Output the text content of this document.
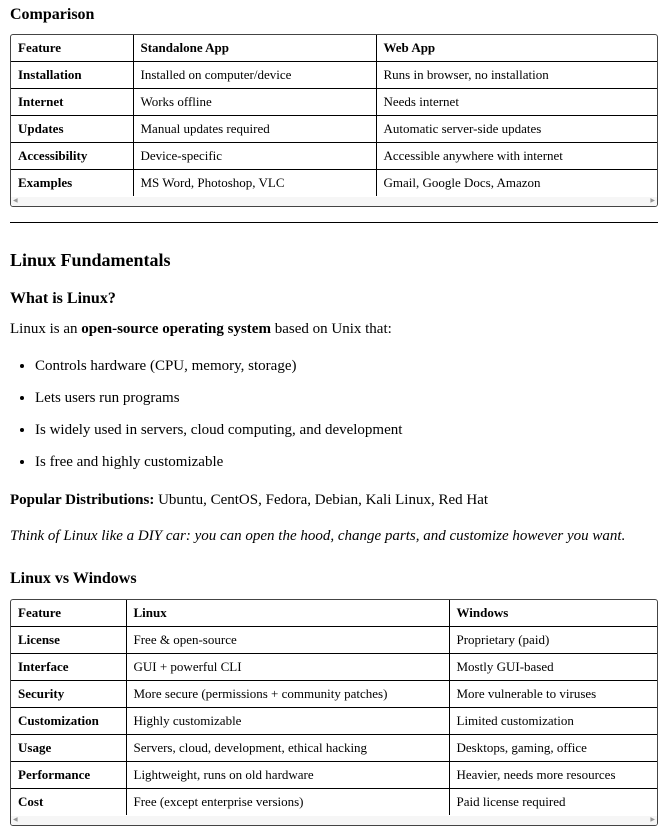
Comparison
Feature	Standalone App	Web App
Installation	Installed on computer/device	Runs in browser, no installation
Internet	Works offline	Needs internet
Updates	Manual updates required	Automatic server-side updates
Accessibility	Device-specific	Accessible anywhere with internet
Examples	MS Word, Photoshop, VLC	Gmail, Google Docs, Amazon
◀	▶
Linux Fundamentals
What is Linux?

Linux is an open-source operating system based on Unix that:

• Controls hardware (CPU, memory, storage)
• Lets users run programs
• Is widely used in servers, cloud computing, and development
• Is free and highly customizable

Popular Distributions: Ubuntu, CentOS, Fedora, Debian, Kali Linux, Red Hat

Think of Linux like a DIY car: you can open the hood, change parts, and customize however you want.

Linux vs Windows
Feature	Linux	Windows
License	Free & open-source	Proprietary (paid)
Interface	GUI + powerful CLI	Mostly GUI-based
Security	More secure (permissions + community patches)	More vulnerable to viruses
Customization	Highly customizable	Limited customization
Usage	Servers, cloud, development, ethical hacking	Desktops, gaming, office
Performance	Lightweight, runs on old hardware	Heavier, needs more resources
Cost	Free (except enterprise versions)	Paid license required
◀	▶
